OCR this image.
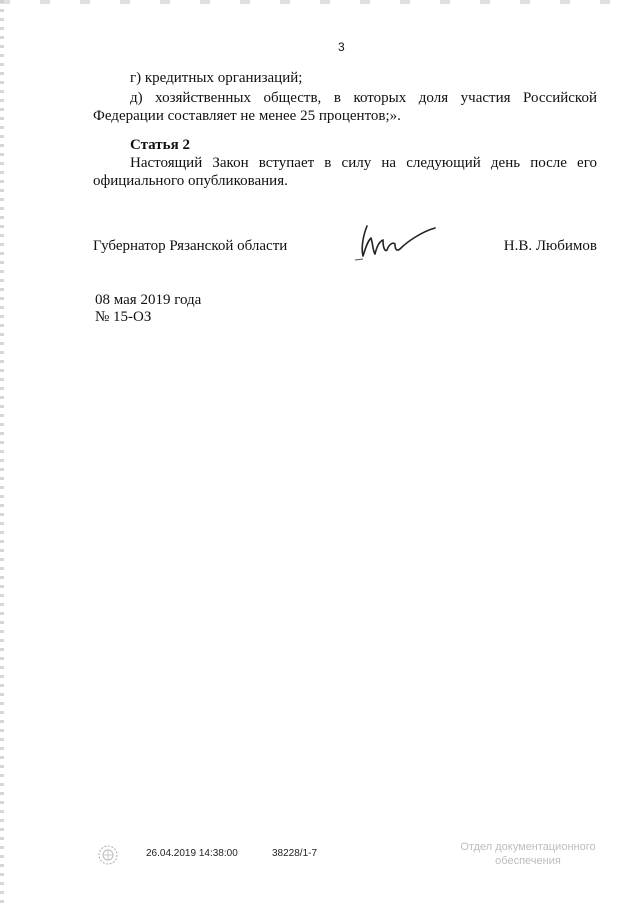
3
г) кредитных организаций;
д) хозяйственных обществ, в которых доля участия Российской
Федерации составляет не менее 25 процентов;».
Статья 2
Настоящий Закон вступает в силу на следующий день после его
официального опубликования.
Губернатор Рязанской области	Н.В. Любимов
08 мая 2019 года
№ 15-ОЗ
26.04.2019 14:38:00	38228/1-7
Отдел документационного
обеспечения
